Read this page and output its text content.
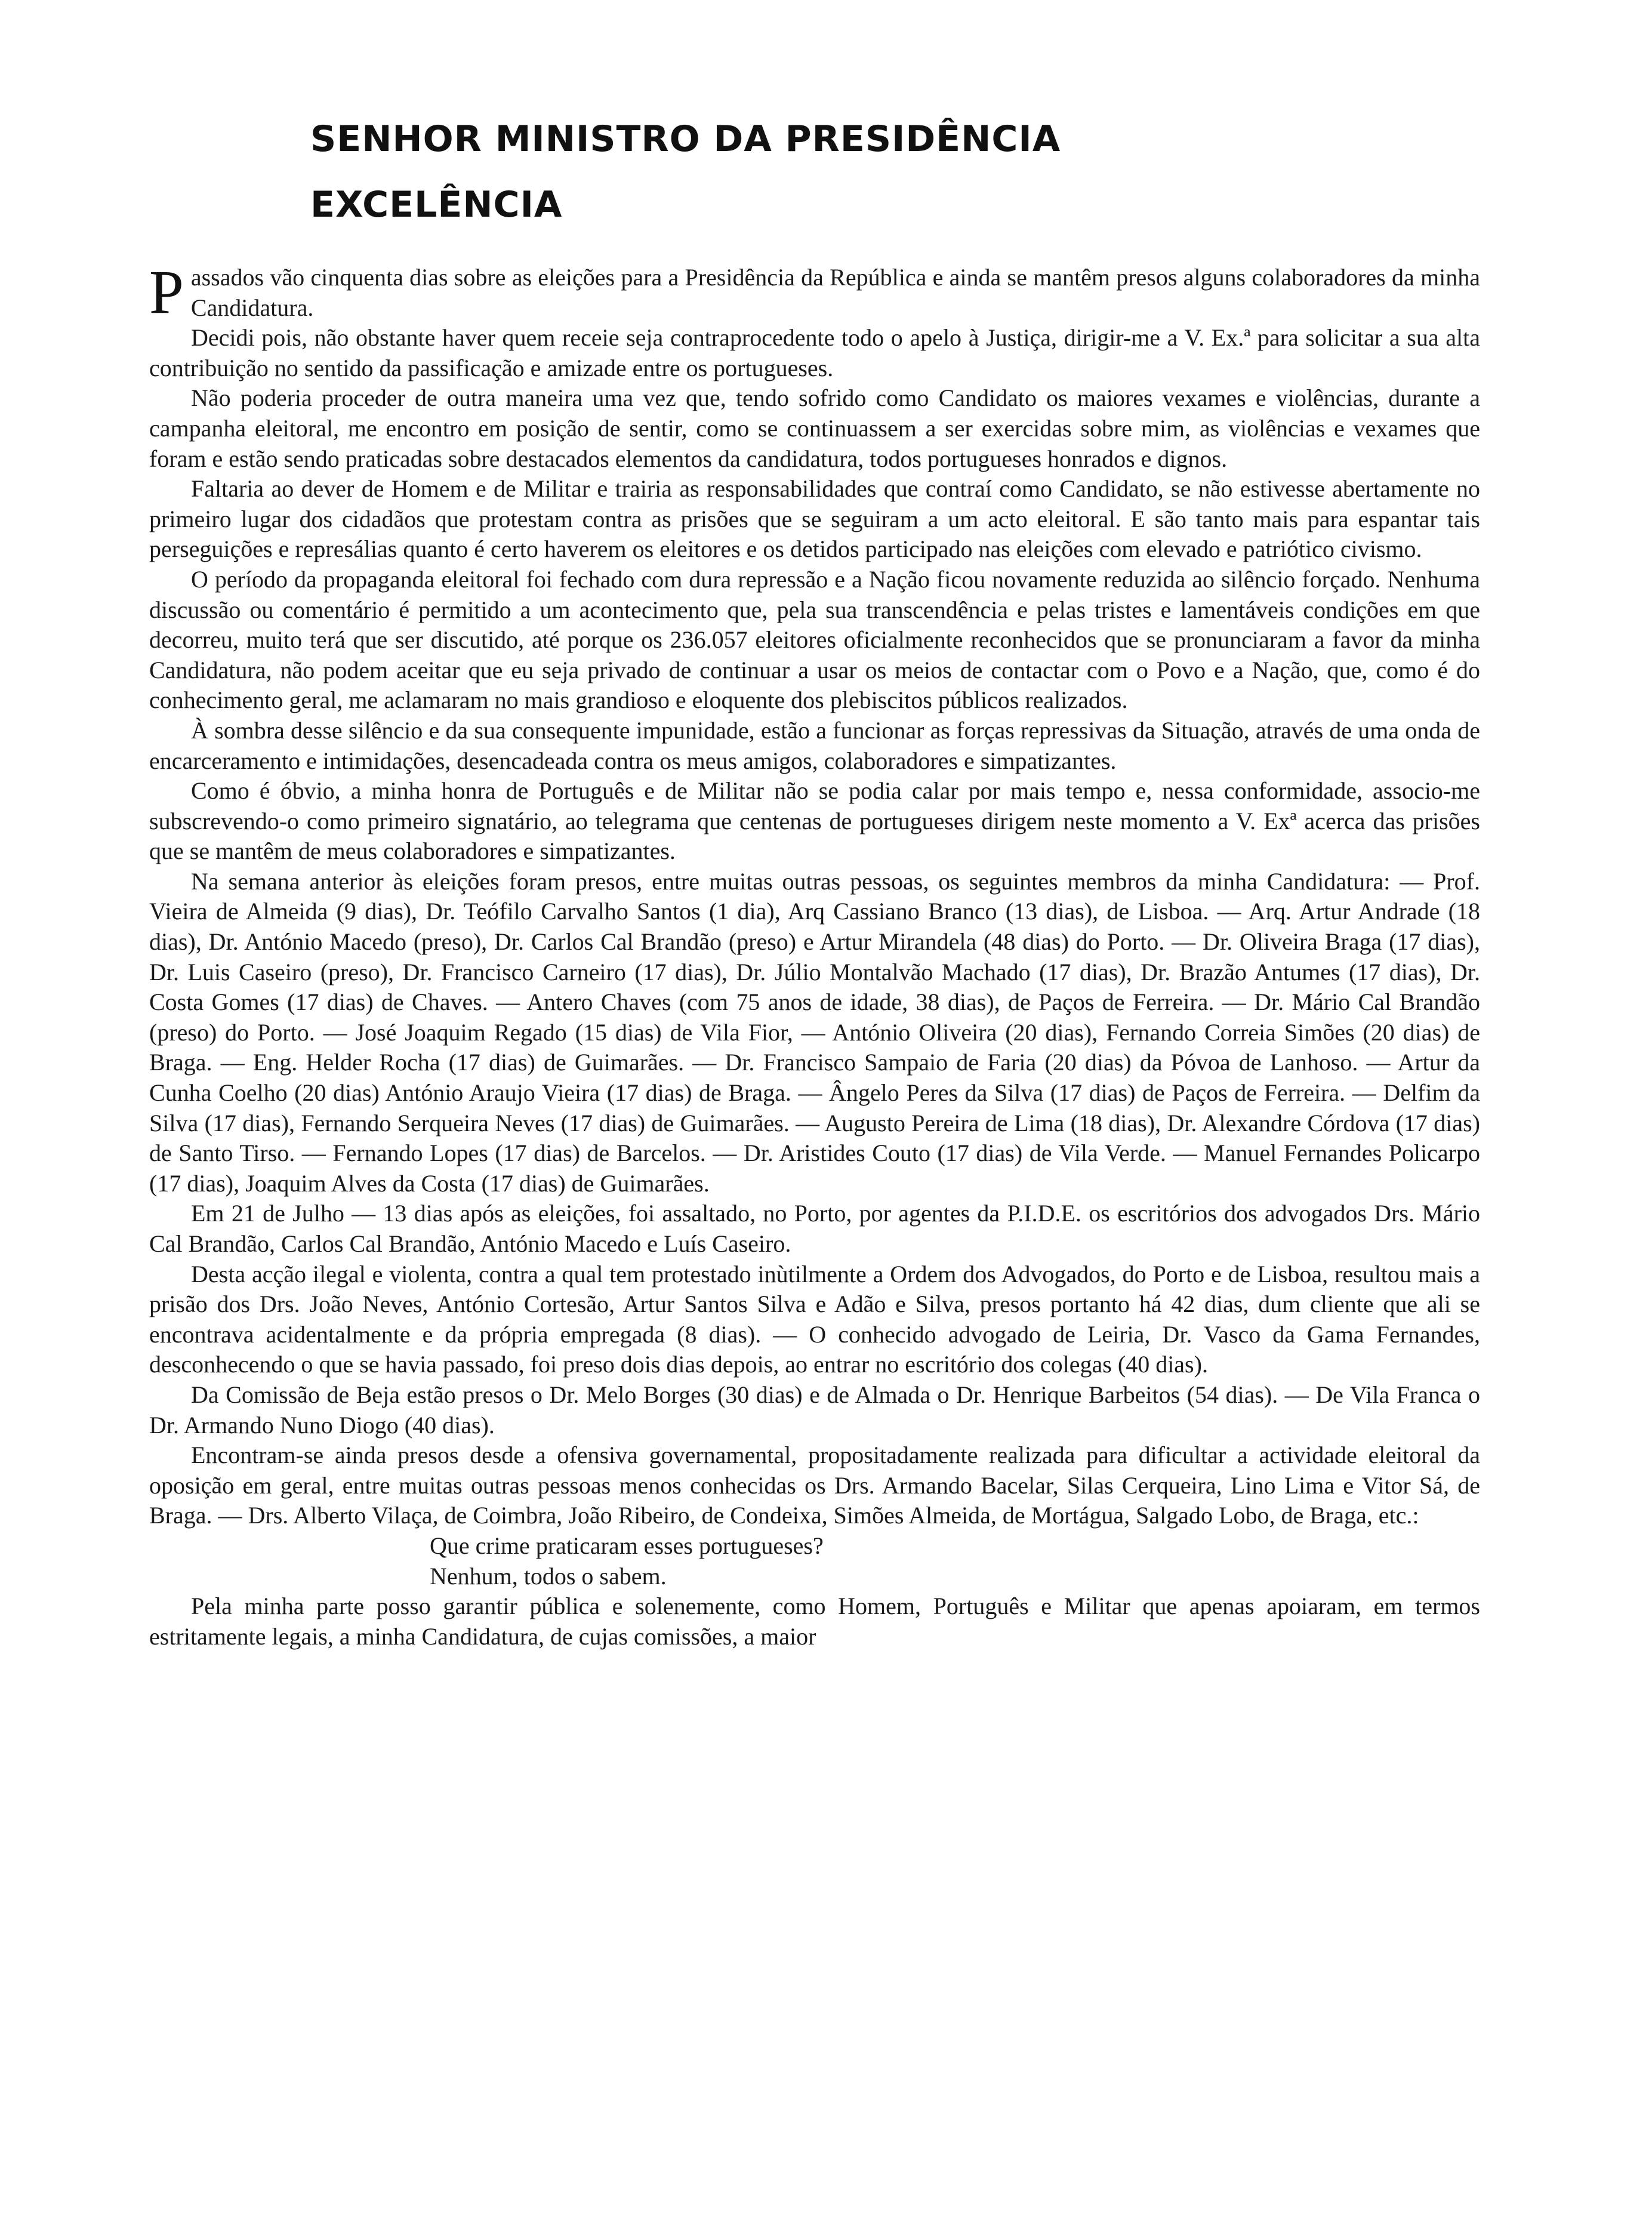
SENHOR MINISTRO DA PRESIDÊNCIA
EXCELÊNCIA

Passados vão cinquenta dias sobre as eleições para a Presidência da República e ainda se mantêm presos alguns colaboradores da minha Candidatura.

Decidi pois, não obstante haver quem receie seja contraprocedente todo o apelo à Justiça, dirigir-me a V. Ex.ª para solicitar a sua alta contribuição no sentido da passificação e amizade entre os portugueses.

Não poderia proceder de outra maneira uma vez que, tendo sofrido como Candidato os maiores vexames e violências, durante a campanha eleitoral, me encontro em posição de sentir, como se continuassem a ser exercidas sobre mim, as violências e vexames que foram e estão sendo praticadas sobre destacados elementos da candidatura, todos portugueses honrados e dignos.

Faltaria ao dever de Homem e de Militar e trairia as responsabilidades que contraí como Candidato, se não estivesse abertamente no primeiro lugar dos cidadãos que protestam contra as prisões que se seguiram a um acto eleitoral. E são tanto mais para espantar tais perseguições e represálias quanto é certo haverem os eleitores e os detidos participado nas eleições com elevado e patriótico civismo.

O período da propaganda eleitoral foi fechado com dura repressão e a Nação ficou novamente reduzida ao silêncio forçado. Nenhuma discussão ou comentário é permitido a um acontecimento que, pela sua transcendência e pelas tristes e lamentáveis condições em que decorreu, muito terá que ser discutido, até porque os 236.057 eleitores oficialmente reconhecidos que se pronunciaram a favor da minha Candidatura, não podem aceitar que eu seja privado de continuar a usar os meios de contactar com o Povo e a Nação, que, como é do conhecimento geral, me aclamaram no mais grandioso e eloquente dos plebiscitos públicos realizados.

À sombra desse silêncio e da sua consequente impunidade, estão a funcionar as forças repressivas da Situação, através de uma onda de encarceramento e intimidações, desencadeada contra os meus amigos, colaboradores e simpatizantes.

Como é óbvio, a minha honra de Português e de Militar não se podia calar por mais tempo e, nessa conformidade, associo-me subscrevendo-o como primeiro signatário, ao telegrama que centenas de portugueses dirigem neste momento a V. Exª acerca das prisões que se mantêm de meus colaboradores e simpatizantes.

Na semana anterior às eleições foram presos, entre muitas outras pessoas, os seguintes membros da minha Candidatura: — Prof. Vieira de Almeida (9 dias), Dr. Teófilo Carvalho Santos (1 dia), Arq Cassiano Branco (13 dias), de Lisboa. — Arq. Artur Andrade (18 dias), Dr. António Macedo (preso), Dr. Carlos Cal Brandão (preso) e Artur Mirandela (48 dias) do Porto. — Dr. Oliveira Braga (17 dias), Dr. Luis Caseiro (preso), Dr. Francisco Carneiro (17 dias), Dr. Júlio Montalvão Machado (17 dias), Dr. Brazão Antumes (17 dias), Dr. Costa Gomes (17 dias) de Chaves. — Antero Chaves (com 75 anos de idade, 38 dias), de Paços de Ferreira. — Dr. Mário Cal Brandão (preso) do Porto. — José Joaquim Regado (15 dias) de Vila Fior, — António Oliveira (20 dias), Fernando Correia Simões (20 dias) de Braga. — Eng. Helder Rocha (17 dias) de Guimarães. — Dr. Francisco Sampaio de Faria (20 dias) da Póvoa de Lanhoso. — Artur da Cunha Coelho (20 dias) António Araujo Vieira (17 dias) de Braga. — Ângelo Peres da Silva (17 dias) de Paços de Ferreira. — Delfim da Silva (17 dias), Fernando Serqueira Neves (17 dias) de Guimarães. — Augusto Pereira de Lima (18 dias), Dr. Alexandre Córdova (17 dias) de Santo Tirso. — Fernando Lopes (17 dias) de Barcelos. — Dr. Aristides Couto (17 dias) de Vila Verde. — Manuel Fernandes Policarpo (17 dias), Joaquim Alves da Costa (17 dias) de Guimarães.

Em 21 de Julho — 13 dias após as eleições, foi assaltado, no Porto, por agentes da P.I.D.E. os escritórios dos advogados Drs. Mário Cal Brandão, Carlos Cal Brandão, António Macedo e Luís Caseiro.

Desta acção ilegal e violenta, contra a qual tem protestado inùtilmente a Ordem dos Advogados, do Porto e de Lisboa, resultou mais a prisão dos Drs. João Neves, António Cortesão, Artur Santos Silva e Adão e Silva, presos portanto há 42 dias, dum cliente que ali se encontrava acidentalmente e da própria empregada (8 dias). — O conhecido advogado de Leiria, Dr. Vasco da Gama Fernandes, desconhecendo o que se havia passado, foi preso dois dias depois, ao entrar no escritório dos colegas (40 dias).

Da Comissão de Beja estão presos o Dr. Melo Borges (30 dias) e de Almada o Dr. Henrique Barbeitos (54 dias). — De Vila Franca o Dr. Armando Nuno Diogo (40 dias).

Encontram-se ainda presos desde a ofensiva governamental, propositadamente realizada para dificultar a actividade eleitoral da oposição em geral, entre muitas outras pessoas menos conhecidas os Drs. Armando Bacelar, Silas Cerqueira, Lino Lima e Vitor Sá, de Braga. — Drs. Alberto Vilaça, de Coimbra, João Ribeiro, de Condeixa, Simões Almeida, de Mortágua, Salgado Lobo, de Braga, etc.:

Que crime praticaram esses portugueses?

Nenhum, todos o sabem.

Pela minha parte posso garantir pública e solenemente, como Homem, Português e Militar que apenas apoiaram, em termos estritamente legais, a minha Candidatura, de cujas comissões, a maior
